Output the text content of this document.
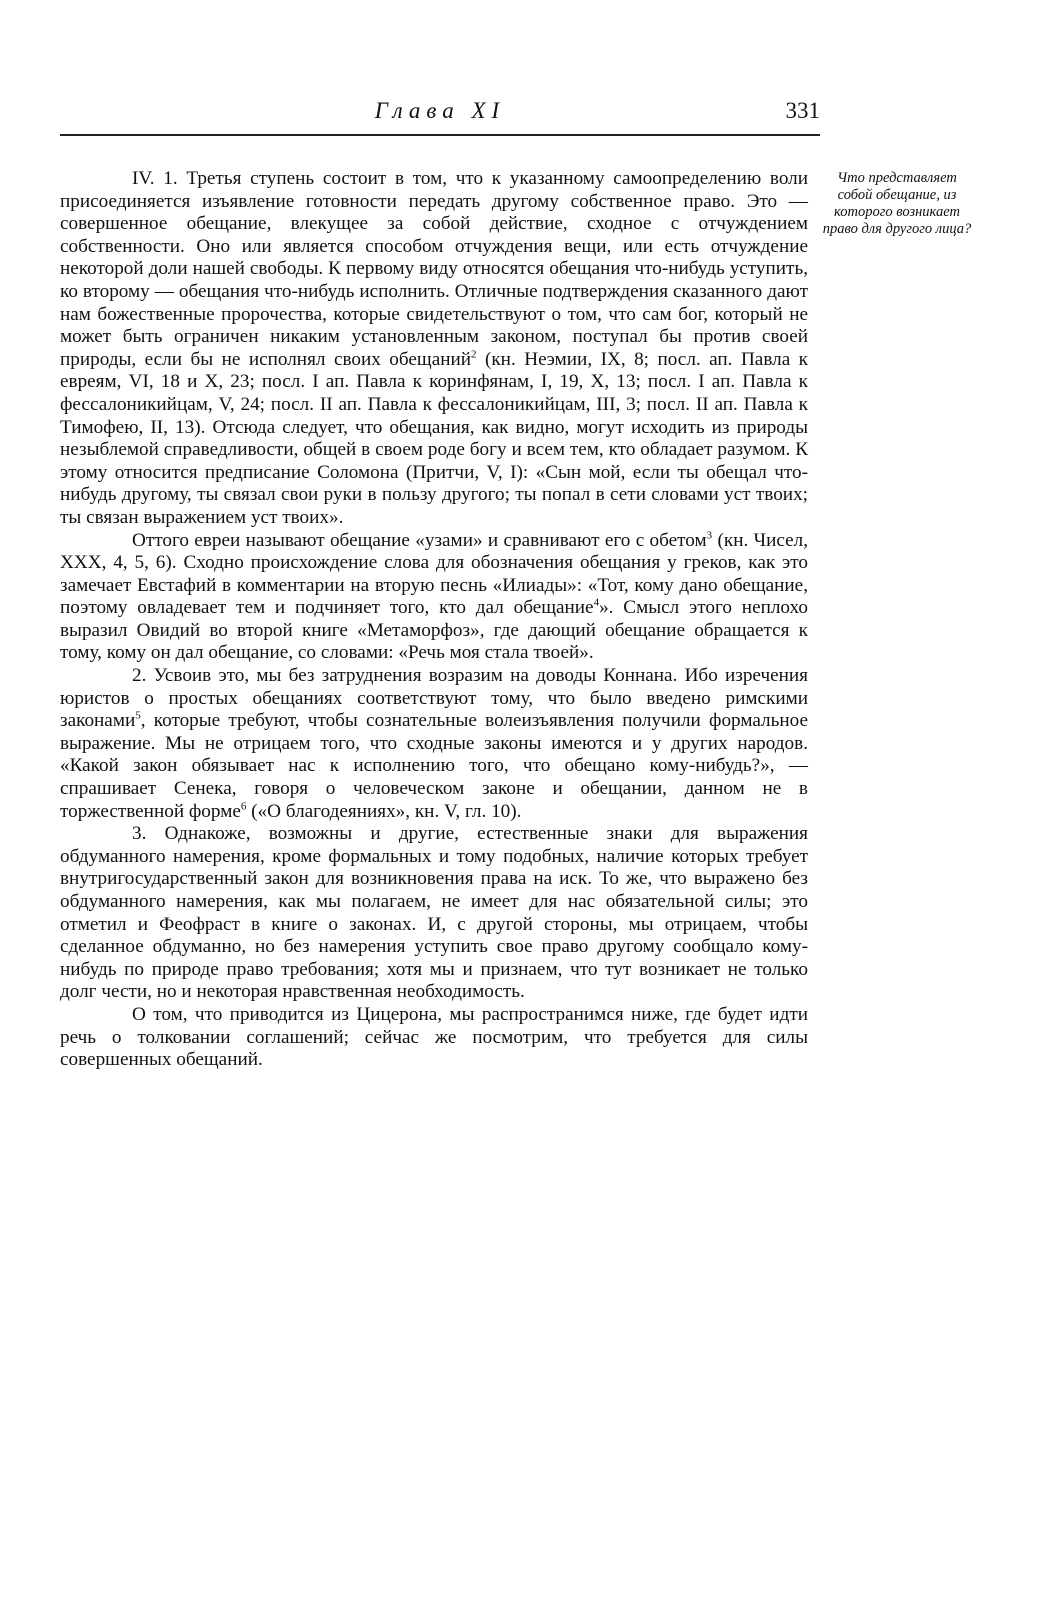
Глава XI	331

IV. 1. Третья ступень состоит в том, что к указанному самоопределению воли присоединяется изъявление готовности передать другому собственное право. Это — совершенное обещание, влекущее за собой действие, сходное с отчуждением собственности. Оно или является способом отчуждения вещи, или есть отчуждение некоторой доли нашей свободы. К первому виду относятся обещания что-нибудь уступить, ко второму — обещания что-нибудь исполнить. Отличные подтверждения сказанного дают нам божественные пророчества, которые свидетельствуют о том, что сам бог, который не может быть ограничен никаким установленным законом, поступал бы против своей природы, если бы не исполнял своих обещаний$^2$ (кн. Неэмии, IX, 8; посл. ап. Павла к евреям, VI, 18 и X, 23; посл. I ап. Павла к коринфянам, I, 19, X, 13; посл. I ап. Павла к фессалоникийцам, V, 24; посл. II ап. Павла к фессалоникийцам, III, 3; посл. II ап. Павла к Тимофею, II, 13). Отсюда следует, что обещания, как видно, могут исходить из природы незыблемой справедливости, общей в своем роде богу и всем тем, кто обладает разумом. К этому относится предписание Соломона (Притчи, V, I): «Сын мой, если ты обещал что-нибудь другому, ты связал свои руки в пользу другого; ты попал в сети словами уст твоих; ты связан выражением уст твоих».

Оттого евреи называют обещание «узами» и сравнивают его с обетом$^3$ (кн. Чисел, XXX, 4, 5, 6). Сходно происхождение слова для обозначения обещания у греков, как это замечает Евстафий в комментарии на вторую песнь «Илиады»: «Тот, кому дано обещание, поэтому овладевает тем и подчиняет того, кто дал обещание$^4$». Смысл этого неплохо выразил Овидий во второй книге «Метаморфоз», где дающий обещание обращается к тому, кому он дал обещание, со словами: «Речь моя стала твоей».

2. Усвоив это, мы без затруднения возразим на доводы Коннана. Ибо изречения юристов о простых обещаниях соответствуют тому, что было введено римскими законами$^5$, которые требуют, чтобы сознательные волеизъявления получили формальное выражение. Мы не отрицаем того, что сходные законы имеются и у других народов. «Какой закон обязывает нас к исполнению того, что обещано кому-нибудь?», — спрашивает Сенека, говоря о человеческом законе и обещании, данном не в торжественной форме$^6$ («О благодеяниях», кн. V, гл. 10).

3. Однакоже, возможны и другие, естественные знаки для выражения обдуманного намерения, кроме формальных и тому подобных, наличие которых требует внутригосударственный закон для возникновения права на иск. То же, что выражено без обдуманного намерения, как мы полагаем, не имеет для нас обязательной силы; это отметил и Феофраст в книге о законах. И, с другой стороны, мы отрицаем, чтобы сделанное обдуманно, но без намерения уступить свое право другому сообщало кому-нибудь по природе право требования; хотя мы и признаем, что тут возникает не только долг чести, но и некоторая нравственная необходимость.

О том, что приводится из Цицерона, мы распространимся ниже, где будет идти речь о толковании соглашений; сейчас же посмотрим, что требуется для силы совершенных обещаний.

Что представляет собой обещание, из которого возникает право для другого лица?
